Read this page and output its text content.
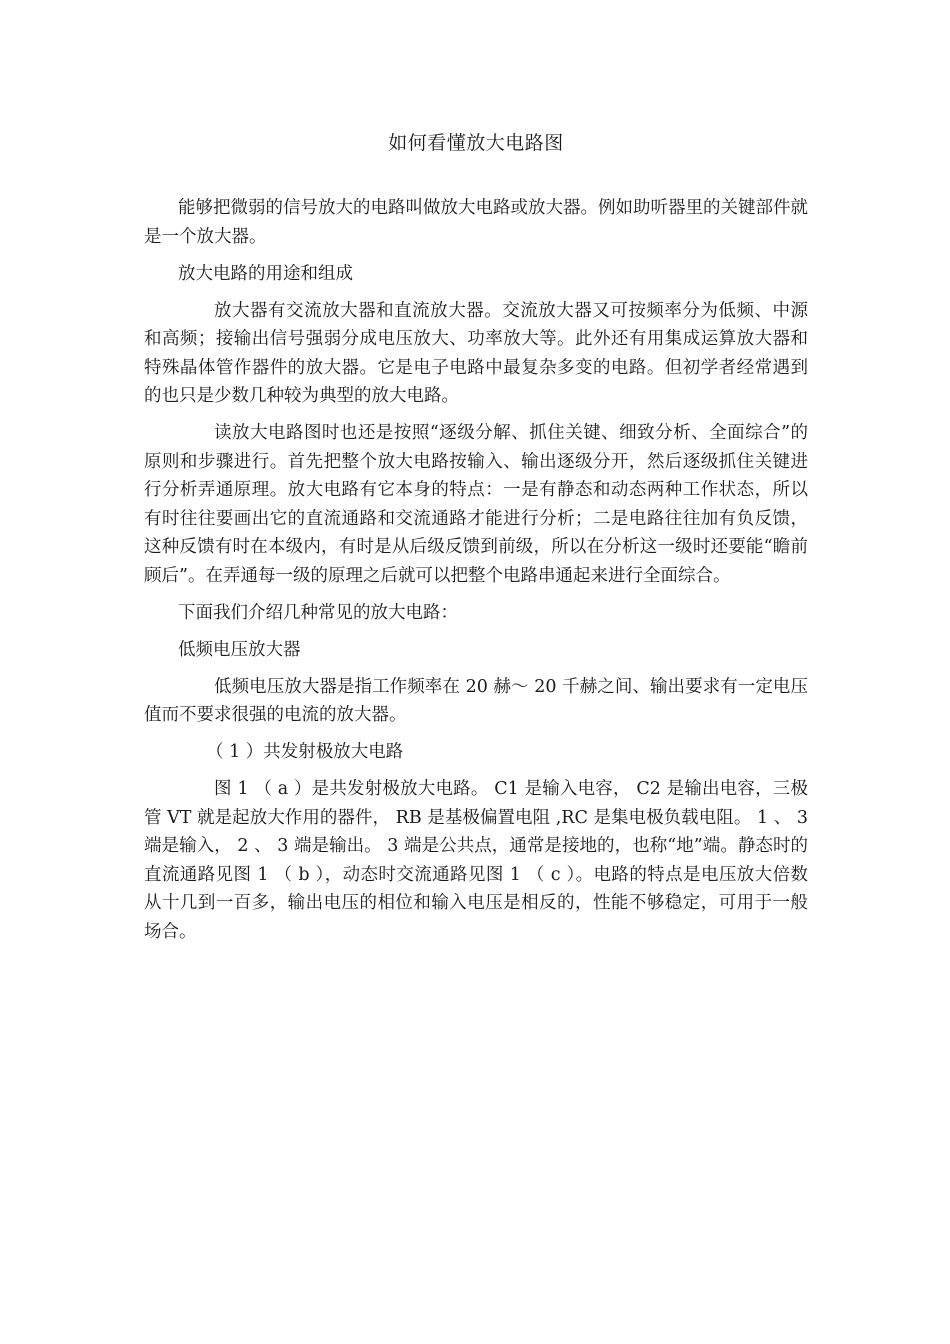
如何看懂放大电路图

能够把微弱的信号放大的电路叫做放大电路或放大器。例如助听器里的关键部件就是一个放大器。

放大电路的用途和组成

放大器有交流放大器和直流放大器。交流放大器又可按频率分为低频、中源和高频；接输出信号强弱分成电压放大、功率放大等。此外还有用集成运算放大器和特殊晶体管作器件的放大器。它是电子电路中最复杂多变的电路。但初学者经常遇到的也只是少数几种较为典型的放大电路。

读放大电路图时也还是按照“逐级分解、抓住关键、细致分析、全面综合”的原则和步骤进行。首先把整个放大电路按输入、输出逐级分开，然后逐级抓住关键进行分析弄通原理。放大电路有它本身的特点：一是有静态和动态两种工作状态，所以有时往往要画出它的直流通路和交流通路才能进行分析；二是电路往往加有负反馈，这种反馈有时在本级内，有时是从后级反馈到前级，所以在分析这一级时还要能“瞻前顾后”。在弄通每一级的原理之后就可以把整个电路串通起来进行全面综合。

下面我们介绍几种常见的放大电路：

低频电压放大器

低频电压放大器是指工作频率在 20 赫～ 20 千赫之间、输出要求有一定电压值而不要求很强的电流的放大器。

（ 1 ）共发射极放大电路

图 1 （ a ）是共发射极放大电路。 C1 是输入电容， C2 是输出电容，三极管 VT 就是起放大作用的器件， RB 是基极偏置电阻 ,RC 是集电极负载电阻。 1 、 3 端是输入， 2 、 3 端是输出。 3 端是公共点，通常是接地的，也称“地”端。静态时的直流通路见图 1 （ b ），动态时交流通路见图 1 （ c ）。电路的特点是电压放大倍数从十几到一百多，输出电压的相位和输入电压是相反的，性能不够稳定，可用于一般场合。
